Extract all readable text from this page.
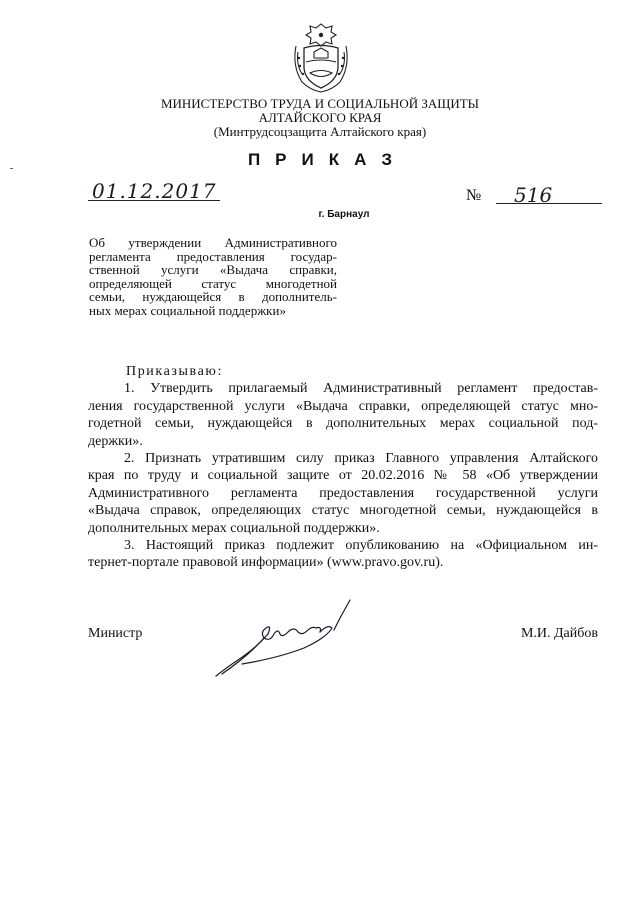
МИНИСТЕРСТВО ТРУДА И СОЦИАЛЬНОЙ ЗАЩИТЫ
АЛТАЙСКОГО КРАЯ
(Минтрудсоцзащита Алтайского края)
ПРИКАЗ
01.12.2017	№ 516
г. Барнаул
Об утверждении Административного
регламента предоставления государ-
ственной услуги «Выдача справки,
определяющей статус многодетной
семьи, нуждающейся в дополнитель-
ных мерах социальной поддержки»
Приказываю:
1. Утвердить прилагаемый Административный регламент предостав-
ления государственной услуги «Выдача справки, определяющей статус мно-
годетной семьи, нуждающейся в дополнительных мерах социальной под-
держки».
2. Признать утратившим силу приказ Главного управления Алтайского
края по труду и социальной защите от 20.02.2016 № 58 «Об утверждении
Административного регламента предоставления государственной услуги
«Выдача справок, определяющих статус многодетной семьи, нуждающейся в
дополнительных мерах социальной поддержки».
3. Настоящий приказ подлежит опубликованию на «Официальном ин-
тернет-портале правовой информации» (www.pravo.gov.ru).
Министр	М.И. Дайбов
